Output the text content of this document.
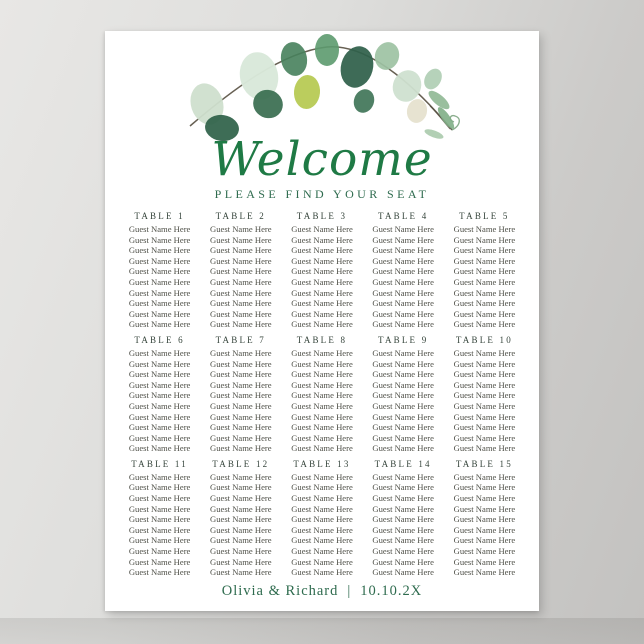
Welcome
PLEASE FIND YOUR SEAT
TABLE 1
Guest Name Here
Guest Name Here
Guest Name Here
Guest Name Here
Guest Name Here
Guest Name Here
Guest Name Here
Guest Name Here
Guest Name Here
Guest Name Here
TABLE 2
Guest Name Here
Guest Name Here
Guest Name Here
Guest Name Here
Guest Name Here
Guest Name Here
Guest Name Here
Guest Name Here
Guest Name Here
Guest Name Here
TABLE 3
Guest Name Here
Guest Name Here
Guest Name Here
Guest Name Here
Guest Name Here
Guest Name Here
Guest Name Here
Guest Name Here
Guest Name Here
Guest Name Here
TABLE 4
Guest Name Here
Guest Name Here
Guest Name Here
Guest Name Here
Guest Name Here
Guest Name Here
Guest Name Here
Guest Name Here
Guest Name Here
Guest Name Here
TABLE 5
Guest Name Here
Guest Name Here
Guest Name Here
Guest Name Here
Guest Name Here
Guest Name Here
Guest Name Here
Guest Name Here
Guest Name Here
Guest Name Here
TABLE 6
Guest Name Here
Guest Name Here
Guest Name Here
Guest Name Here
Guest Name Here
Guest Name Here
Guest Name Here
Guest Name Here
Guest Name Here
Guest Name Here
TABLE 7
Guest Name Here
Guest Name Here
Guest Name Here
Guest Name Here
Guest Name Here
Guest Name Here
Guest Name Here
Guest Name Here
Guest Name Here
Guest Name Here
TABLE 8
Guest Name Here
Guest Name Here
Guest Name Here
Guest Name Here
Guest Name Here
Guest Name Here
Guest Name Here
Guest Name Here
Guest Name Here
Guest Name Here
TABLE 9
Guest Name Here
Guest Name Here
Guest Name Here
Guest Name Here
Guest Name Here
Guest Name Here
Guest Name Here
Guest Name Here
Guest Name Here
Guest Name Here
TABLE 10
Guest Name Here
Guest Name Here
Guest Name Here
Guest Name Here
Guest Name Here
Guest Name Here
Guest Name Here
Guest Name Here
Guest Name Here
Guest Name Here
TABLE 11
Guest Name Here
Guest Name Here
Guest Name Here
Guest Name Here
Guest Name Here
Guest Name Here
Guest Name Here
Guest Name Here
Guest Name Here
Guest Name Here
TABLE 12
Guest Name Here
Guest Name Here
Guest Name Here
Guest Name Here
Guest Name Here
Guest Name Here
Guest Name Here
Guest Name Here
Guest Name Here
Guest Name Here
TABLE 13
Guest Name Here
Guest Name Here
Guest Name Here
Guest Name Here
Guest Name Here
Guest Name Here
Guest Name Here
Guest Name Here
Guest Name Here
Guest Name Here
TABLE 14
Guest Name Here
Guest Name Here
Guest Name Here
Guest Name Here
Guest Name Here
Guest Name Here
Guest Name Here
Guest Name Here
Guest Name Here
Guest Name Here
TABLE 15
Guest Name Here
Guest Name Here
Guest Name Here
Guest Name Here
Guest Name Here
Guest Name Here
Guest Name Here
Guest Name Here
Guest Name Here
Guest Name Here
Olivia & Richard | 10.10.2X
